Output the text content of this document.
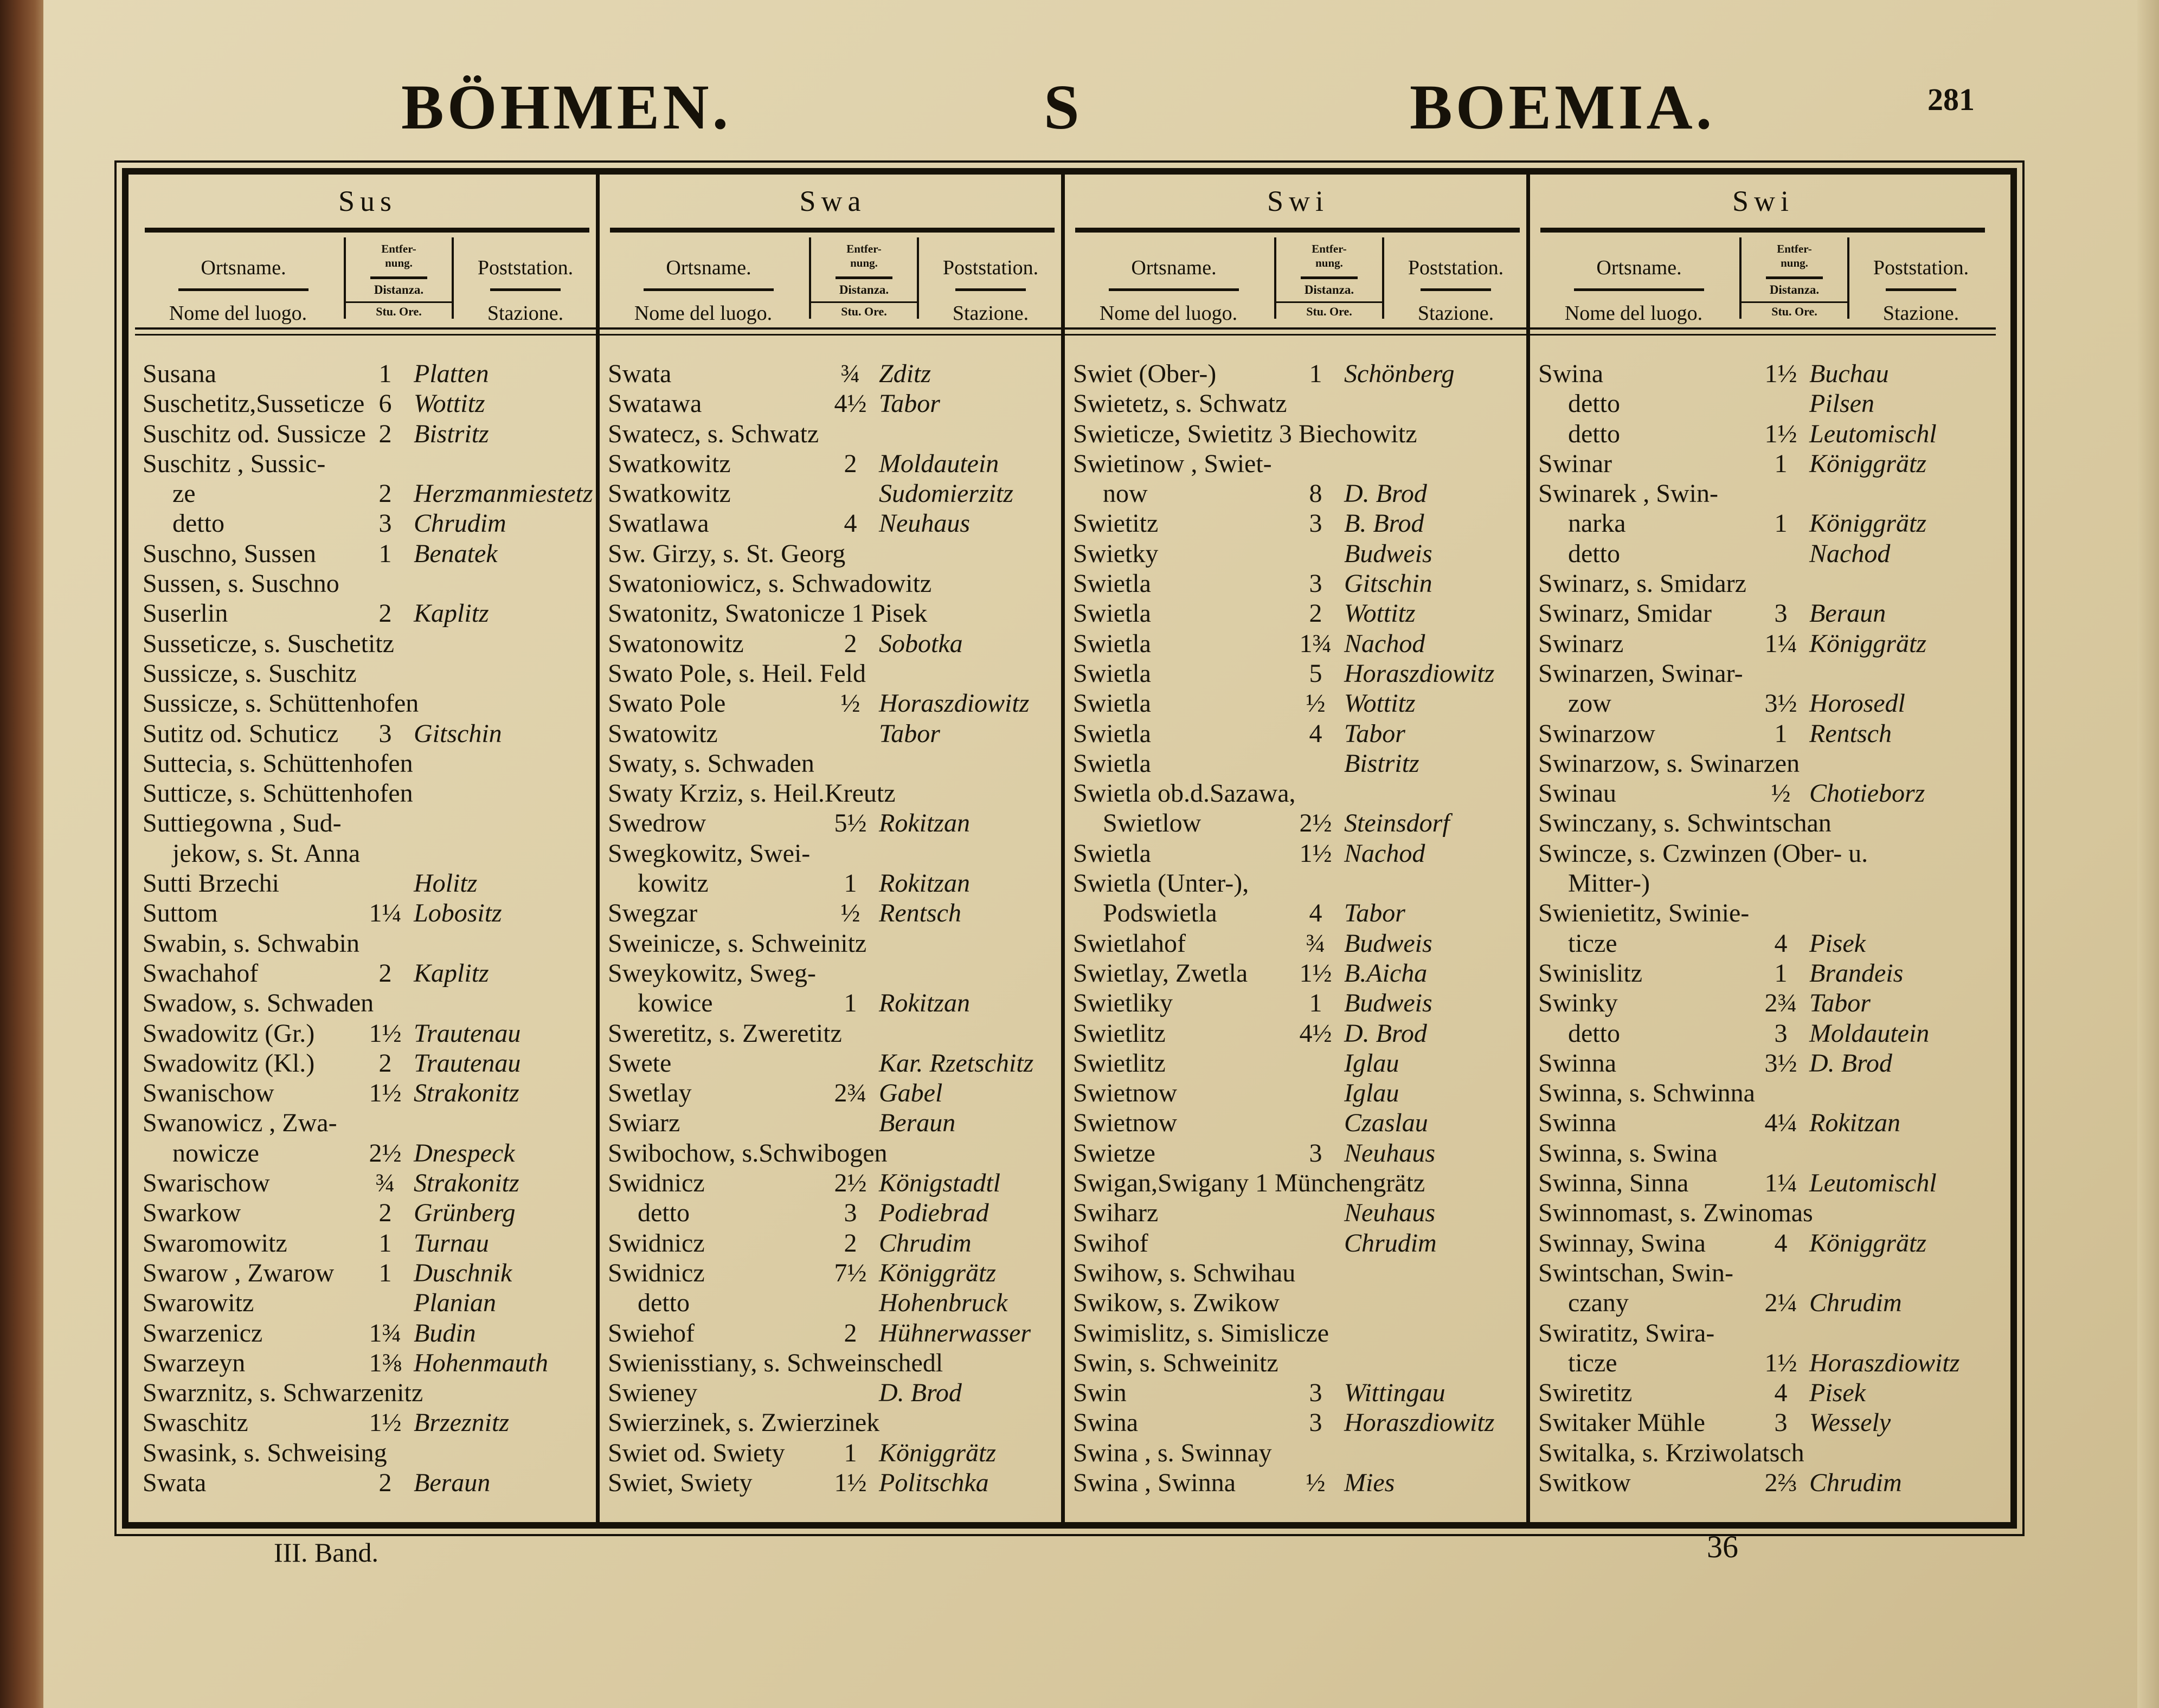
BÖHMEN.	S	BOEMIA.	281
Sus
Ortsname.
Nome del luogo.
Entfer-
nung.
Distanza.
Stu. Ore.
Poststation.
Stazione.
Susana	1 Platten
Suschetitz,Susseticze 6 Wottitz
Suschitz od. Sussicze 2 Bistritz
Suschitz , Sussic-
ze	2 Herzmanmiestetz
detto	3 Chrudim
Suschno, Sussen	1 Benatek
Sussen, s. Suschno
Suserlin	2 Kaplitz
Susseticze, s. Suschetitz
Sussicze, s. Suschitz
Sussicze, s. Schüttenhofen
Sutitz od. Schuticz	3 Gitschin
Suttecia, s. Schüttenhofen
Sutticze, s. Schüttenhofen
Suttiegowna , Sud-
jekow, s. St. Anna
Sutti Brzechi	Holitz
Suttom	1¼ Lobositz
Swabin, s. Schwabin
Swachahof	2 Kaplitz
Swadow, s. Schwaden
Swadowitz (Gr.) 1½ Trautenau
Swadowitz (Kl.)	2 Trautenau
Swanischow	1½ Strakonitz
Swanowicz , Zwa-
nowicze	2½ Dnespeck
Swarischow	¾ Strakonitz
Swarkow	2 Grünberg
Swaromowitz	1 Turnau
Swarow , Zwarow	1 Duschnik
Swarowitz	Planian
Swarzenicz	1¾ Budin
Swarzeyn	1⅜ Hohenmauth
Swarznitz, s. Schwarzenitz
Swaschitz	1½ Brzeznitz
Swasink, s. Schweising
Swata	2 Beraun
Swa
Ortsname.
Nome del luogo.
Entfer-
nung.
Distanza.
Stu. Ore.
Poststation.
Stazione.
Swata	¾ Zditz
Swatawa	4½ Tabor
Swatecz, s. Schwatz
Swatkowitz	2 Moldautein
Swatkowitz	Sudomierzitz
Swatlawa	4 Neuhaus
Sw. Girzy, s. St. Georg
Swatoniowicz, s. Schwadowitz
Swatonitz, Swatonicze 1 Pisek
Swatonowitz	2 Sobotka
Swato Pole, s. Heil. Feld
Swato Pole	½ Horaszdiowitz
Swatowitz	Tabor
Swaty, s. Schwaden
Swaty Krziz, s. Heil.Kreutz
Swedrow	5½ Rokitzan
Swegkowitz, Swei-
kowitz	1 Rokitzan
Swegzar	½ Rentsch
Sweinicze, s. Schweinitz
Sweykowitz, Sweg-
kowice	1 Rokitzan
Sweretitz, s. Zweretitz
Swete	Kar. Rzetschitz
Swetlay	2¾ Gabel
Swiarz	Beraun
Swibochow, s.Schwibogen
Swidnicz	2½ Königstadtl
detto	3 Podiebrad
Swidnicz	2 Chrudim
Swidnicz	7½ Königgrätz
detto	Hohenbruck
Swiehof	2 Hühnerwasser
Swienisstiany, s. Schweinschedl
Swieney	D. Brod
Swierzinek, s. Zwierzinek
Swiet od. Swiety	1 Königgrätz
Swiet, Swiety	1½ Politschka
Swi
Ortsname.
Nome del luogo.
Entfer-
nung.
Distanza.
Stu. Ore.
Poststation.
Stazione.
Swiet (Ober-)	1 Schönberg
Swietetz, s. Schwatz
Swieticze, Swietitz 3 Biechowitz
Swietinow , Swiet-
now	8 D. Brod
Swietitz	3 B. Brod
Swietky	Budweis
Swietla	3 Gitschin
Swietla	2 Wottitz
Swietla	1¾ Nachod
Swietla	5 Horaszdiowitz
Swietla	½ Wottitz
Swietla	4 Tabor
Swietla	Bistritz
Swietla ob.d.Sazawa,
Swietlow	2½ Steinsdorf
Swietla	1½ Nachod
Swietla (Unter-),
Podswietla	4 Tabor
Swietlahof	¾ Budweis
Swietlay, Zwetla 1½ B.Aicha
Swietliky	1 Budweis
Swietlitz	4½ D. Brod
Swietlitz	Iglau
Swietnow	Iglau
Swietnow	Czaslau
Swietze	3 Neuhaus
Swigan,Swigany 1 Münchengrätz
Swiharz	Neuhaus
Swihof	Chrudim
Swihow, s. Schwihau
Swikow, s. Zwikow
Swimislitz, s. Simislicze
Swin, s. Schweinitz
Swin	3 Wittingau
Swina	3 Horaszdiowitz
Swina , s. Swinnay
Swina , Swinna	½ Mies
Swi
Ortsname.
Nome del luogo.
Entfer-
nung.
Distanza.
Stu. Ore.
Poststation.
Stazione.
Swina	1½ Buchau
detto	Pilsen
detto	1½ Leutomischl
Swinar	1 Königgrätz
Swinarek , Swin-
narka	1 Königgrätz
detto	Nachod
Swinarz, s. Smidarz
Swinarz, Smidar	3 Beraun
Swinarz	1¼ Königgrätz
Swinarzen, Swinar-
zow	3½ Horosedl
Swinarzow	1 Rentsch
Swinarzow, s. Swinarzen
Swinau	½ Chotieborz
Swinczany, s. Schwintschan
Swincze, s. Czwinzen (Ober- u.
Mitter-)
Swienietitz, Swinie-
ticze	4 Pisek
Swinislitz	1 Brandeis
Swinky	2¾ Tabor
detto	3 Moldautein
Swinna	3½ D. Brod
Swinna, s. Schwinna
Swinna	4¼ Rokitzan
Swinna, s. Swina
Swinna, Sinna	1¼ Leutomischl
Swinnomast, s. Zwinomas
Swinnay, Swina	4 Königgrätz
Swintschan, Swin-
czany	2¼ Chrudim
Swiratitz, Swira-
ticze	1½ Horaszdiowitz
Swiretitz	4 Pisek
Switaker Mühle	3 Wessely
Switalka, s. Krziwolatsch
Switkow	2⅔ Chrudim
III. Band.	36
